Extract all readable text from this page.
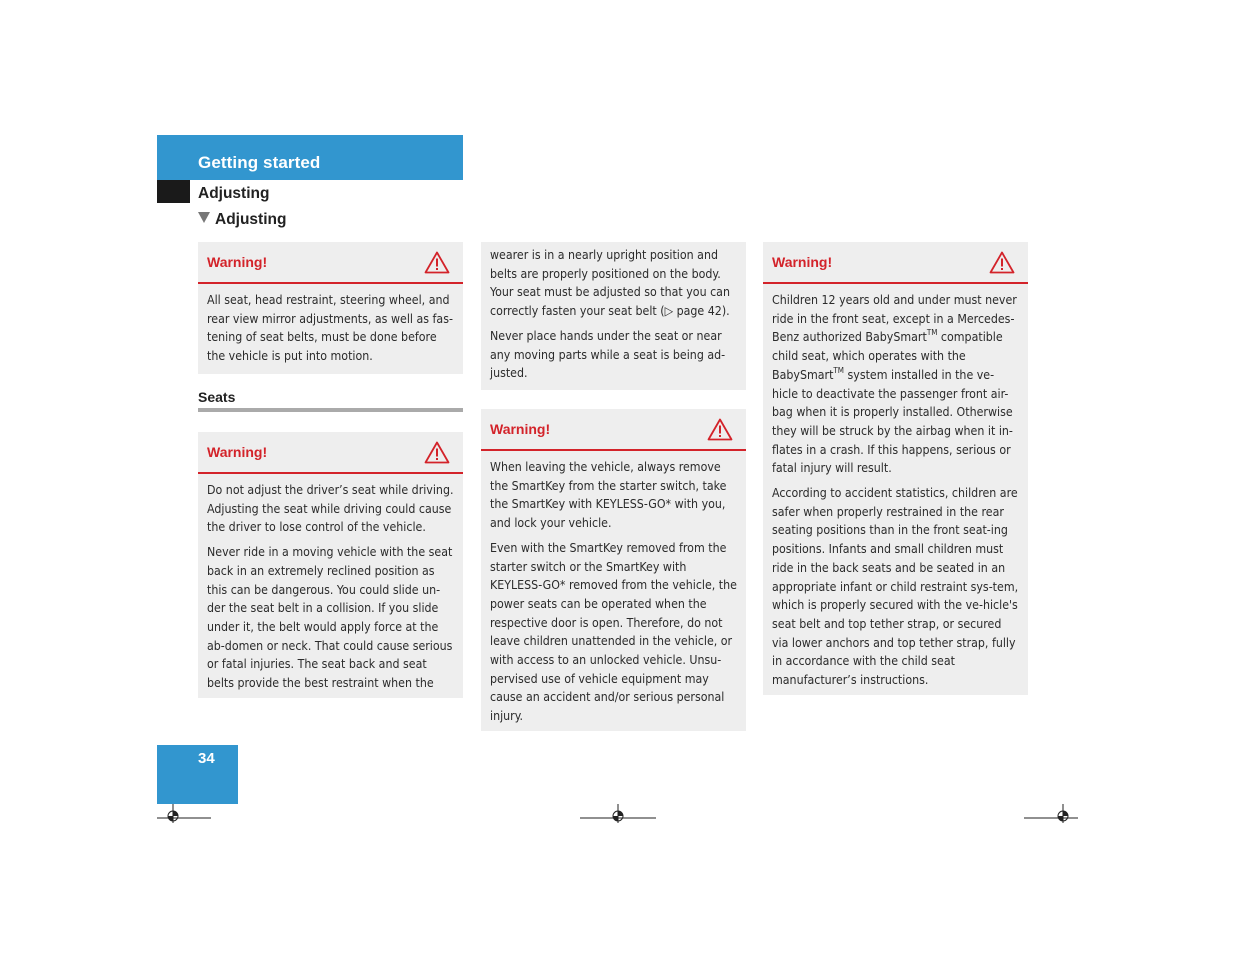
Getting started
Adjusting
Adjusting
Warning!

All seat, head restraint, steering wheel, and rear view mirror adjustments, as well as fas-tening of seat belts, must be done before the vehicle is put into motion.

Seats
Warning!

Do not adjust the driver’s seat while driving. Adjusting the seat while driving could cause the driver to lose control of the vehicle.

Never ride in a moving vehicle with the seat back in an extremely reclined position as this can be dangerous. You could slide un-der the seat belt in a collision. If you slide under it, the belt would apply force at the ab-domen or neck. That could cause serious or fatal injuries. The seat back and seat belts provide the best restraint when the

wearer is in a nearly upright position and belts are properly positioned on the body. Your seat must be adjusted so that you can correctly fasten your seat belt (▷ page 42).

Never place hands under the seat or near any moving parts while a seat is being ad-justed.

Warning!

When leaving the vehicle, always remove the SmartKey from the starter switch, take the SmartKey with KEYLESS-GO* with you, and lock your vehicle.

Even with the SmartKey removed from the starter switch or the SmartKey with KEYLESS-GO* removed from the vehicle, the power seats can be operated when the respective door is open. Therefore, do not leave children unattended in the vehicle, or with access to an unlocked vehicle. Unsu-pervised use of vehicle equipment may cause an accident and/or serious personal injury.

Warning!

Children 12 years old and under must never ride in the front seat, except in a Mercedes-Benz authorized BabySmart™ compatible child seat, which operates with the BabySmart™ system installed in the ve-hicle to deactivate the passenger front air-bag when it is properly installed. Otherwise they will be struck by the airbag when it in-flates in a crash. If this happens, serious or fatal injury will result.

According to accident statistics, children are safer when properly restrained in the rear seating positions than in the front seat-ing positions. Infants and small children must ride in the back seats and be seated in an appropriate infant or child restraint sys-tem, which is properly secured with the ve-hicle's seat belt and top tether strap, or secured via lower anchors and top tether strap, fully in accordance with the child seat manufacturer’s instructions.

34
